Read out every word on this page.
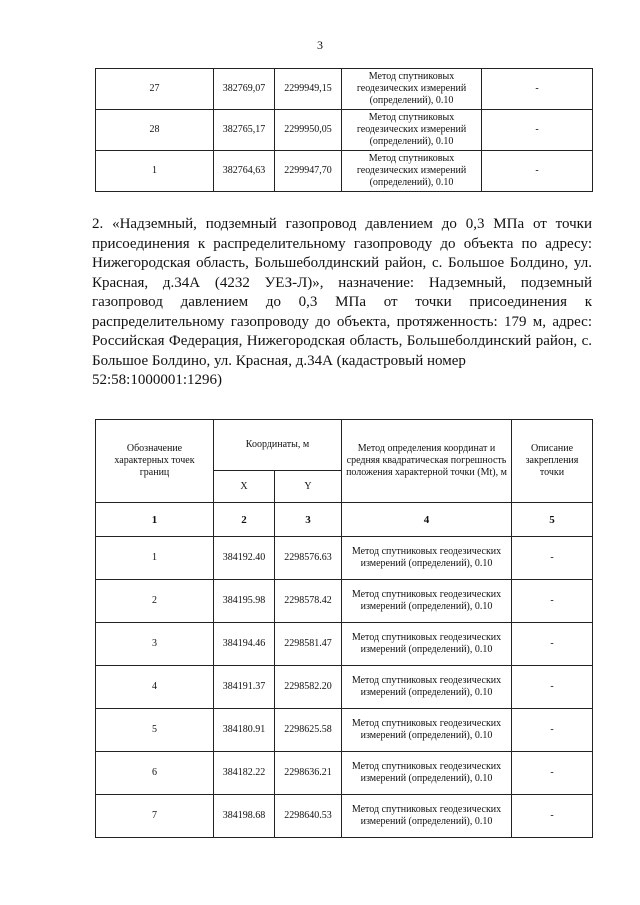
3
27	382769,07	2299949,15	Метод спутниковых геодезических измерений (определений), 0.10	-
28	382765,17	2299950,05	Метод спутниковых геодезических измерений (определений), 0.10	-
1	382764,63	2299947,70	Метод спутниковых геодезических измерений (определений), 0.10	-
2. «Надземный, подземный газопровод давлением до 0,3 МПа от точки присоединения к распределительному газопроводу до объекта по адресу: Нижегородская область, Большеболдинский район, с. Большое Болдино, ул. Красная, д.34А (4232 УЕЗ-Л)», назначение: Надземный, подземный газопровод давлением до 0,3 МПа от точки присоединения к распределительному газопроводу до объекта, протяженность: 179 м, адрес: Российская Федерация, Нижегородская область, Большеболдинский район, с. Большое Болдино, ул. Красная, д.34А (кадастровый номер
52:58:1000001:1296)
Обозначение характерных точек границ	Координаты, м		Метод определения координат и средняя квадратическая погрешность положения характерной точки (Mt), м	Описание закрепления точки
	X	Y		
1	2	3	4	5
1	384192.40	2298576.63	Метод спутниковых геодезических измерений (определений), 0.10	-
2	384195.98	2298578.42	Метод спутниковых геодезических измерений (определений), 0.10	-
3	384194.46	2298581.47	Метод спутниковых геодезических измерений (определений), 0.10	-
4	384191.37	2298582.20	Метод спутниковых геодезических измерений (определений), 0.10	-
5	384180.91	2298625.58	Метод спутниковых геодезических измерений (определений), 0.10	-
6	384182.22	2298636.21	Метод спутниковых геодезических измерений (определений), 0.10	-
7	384198.68	2298640.53	Метод спутниковых геодезических измерений (определений), 0.10	-
